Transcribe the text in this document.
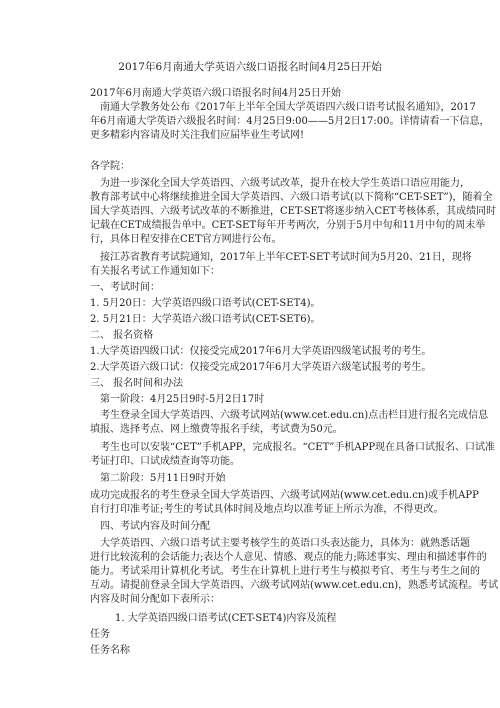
2017年6月南通大学英语六级口语报名时间4月25日开始
2017年6月南通大学英语六级口语报名时间4月25日开始
南通大学教务处公布《2017年上半年全国大学英语四六级口语考试报名通知》，2017
年6月南通大学英语六级报名时间：4月25日9:00——5月2日17:00。详情请看一下信息，
更多精彩内容请及时关注我们应届毕业生考试网!
各学院：
为进一步深化全国大学英语四、六级考试改革，提升在校大学生英语口语应用能力，
教育部考试中心将继续推进全国大学英语四、六级口语考试(以下简称“CET-SET”)，随着全
国大学英语四、六级考试改革的不断推进，CET-SET将逐步纳入CET考核体系，其成绩同时
记载在CET成绩报告单中。CET-SET每年开考两次，分别于5月中旬和11月中旬的周末举
行，具体日程安排在CET官方网进行公布。
接江苏省教育考试院通知，2017年上半年CET-SET考试时间为5月20、21日，现将
有关报名考试工作通知如下：
一、考试时间：
1. 5月20日：大学英语四级口语考试(CET-SET4)。
2. 5月21日：大学英语六级口语考试(CET-SET6)。
二、 报名资格
1.大学英语四级口试：仅接受完成2017年6月大学英语四级笔试报考的考生。
2.大学英语六级口试：仅接受完成2017年6月大学英语六级笔试报考的考生。
三、 报名时间和办法
第一阶段：4月25日9时-5月2日17时
考生登录全国大学英语四、六级考试网站(www.cet.edu.cn)点击栏目进行报名完成信息
填报、选择考点、网上缴费等报名手续，考试费为50元。
考生也可以安装“CET”手机APP，完成报名。“CET”手机APP现在具备口试报名、口试准
考证打印、口试成绩查询等功能。
第二阶段：5月11日9时开始
成功完成报名的考生登录全国大学英语四、六级考试网站(www.cet.edu.cn)或手机APP
自行打印准考证;考生的考试具体时间及地点均以准考证上所示为准，不得更改。
四、考试内容及时间分配
大学英语四、六级口语考试主要考核学生的英语口头表达能力，具体为：就熟悉话题
进行比较流利的会话能力;表达个人意见、情感、观点的能力;陈述事实、理由和描述事件的
能力。考试采用计算机化考试。考生在计算机上进行考生与模拟考官、考生与考生之间的
互动。请提前登录全国大学英语四、六级考试网站(www.cet.edu.cn)，熟悉考试流程。考试
内容及时间分配如下表所示：
1. 大学英语四级口语考试(CET-SET4)内容及流程
任务
任务名称
